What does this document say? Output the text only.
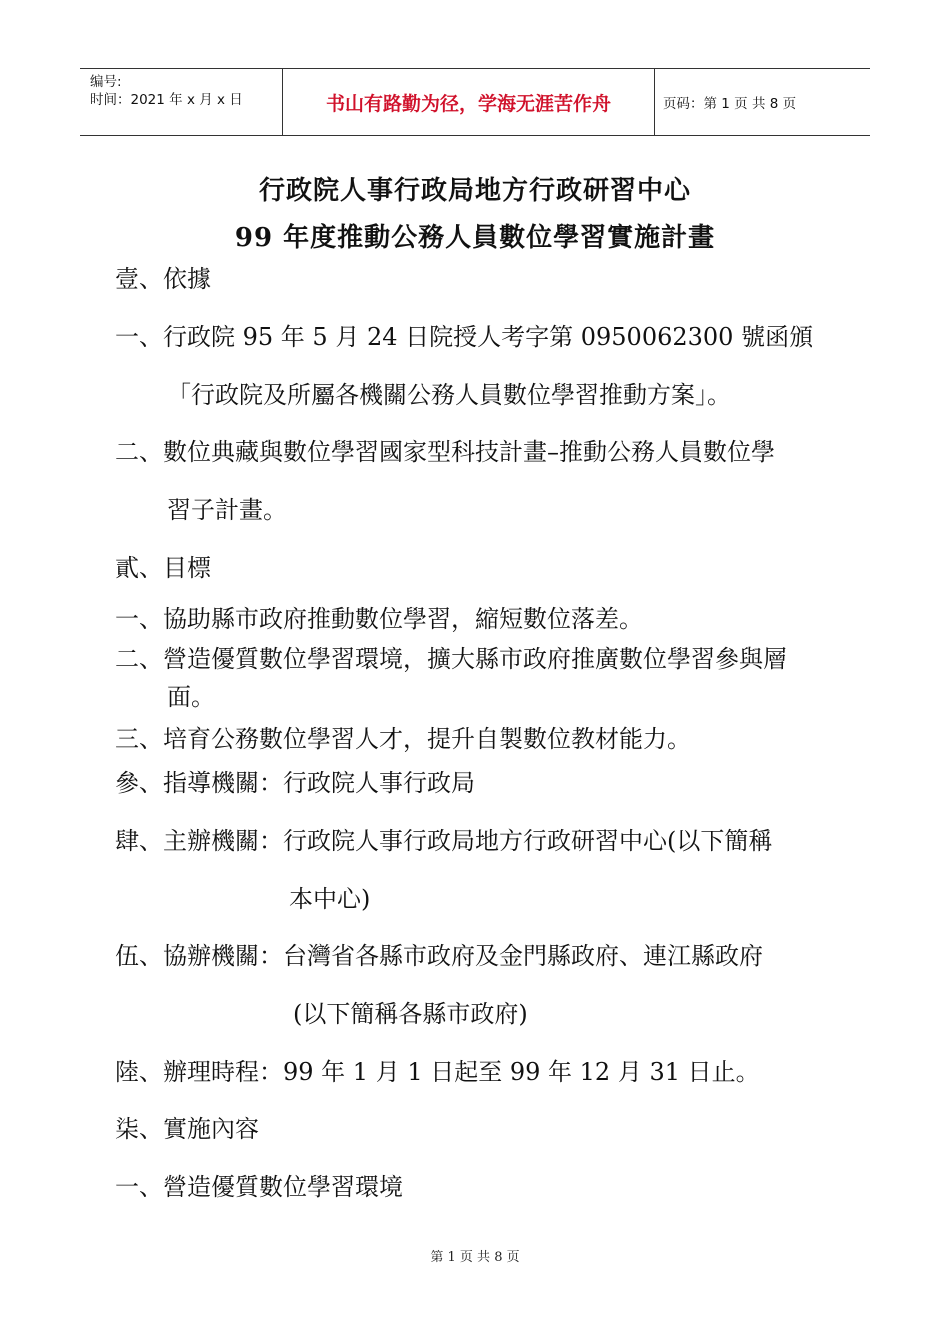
编号:
时间：2021 年 x 月 x 日	书山有路勤为径，学海无涯苦作舟	页码：第 1 页 共 8 页
行政院人事行政局地方行政研習中心
99 年度推動公務人員數位學習實施計畫
壹、依據
一、行政院 95 年 5 月 24 日院授人考字第 0950062300 號函頒
「行政院及所屬各機關公務人員數位學習推動方案」。
二、數位典藏與數位學習國家型科技計畫–推動公務人員數位學
習子計畫。
貳、目標
一、協助縣市政府推動數位學習，縮短數位落差。
二、營造優質數位學習環境，擴大縣市政府推廣數位學習參與層
面。
三、培育公務數位學習人才，提升自製數位教材能力。
參、指導機關：行政院人事行政局
肆、主辦機關：行政院人事行政局地方行政研習中心(以下簡稱
本中心)
伍、協辦機關：台灣省各縣市政府及金門縣政府、連江縣政府
(以下簡稱各縣市政府)
陸、辦理時程：99 年 1 月 1 日起至 99 年 12 月 31 日止。
柒、實施內容
一、營造優質數位學習環境
第 1 页 共 8 页
